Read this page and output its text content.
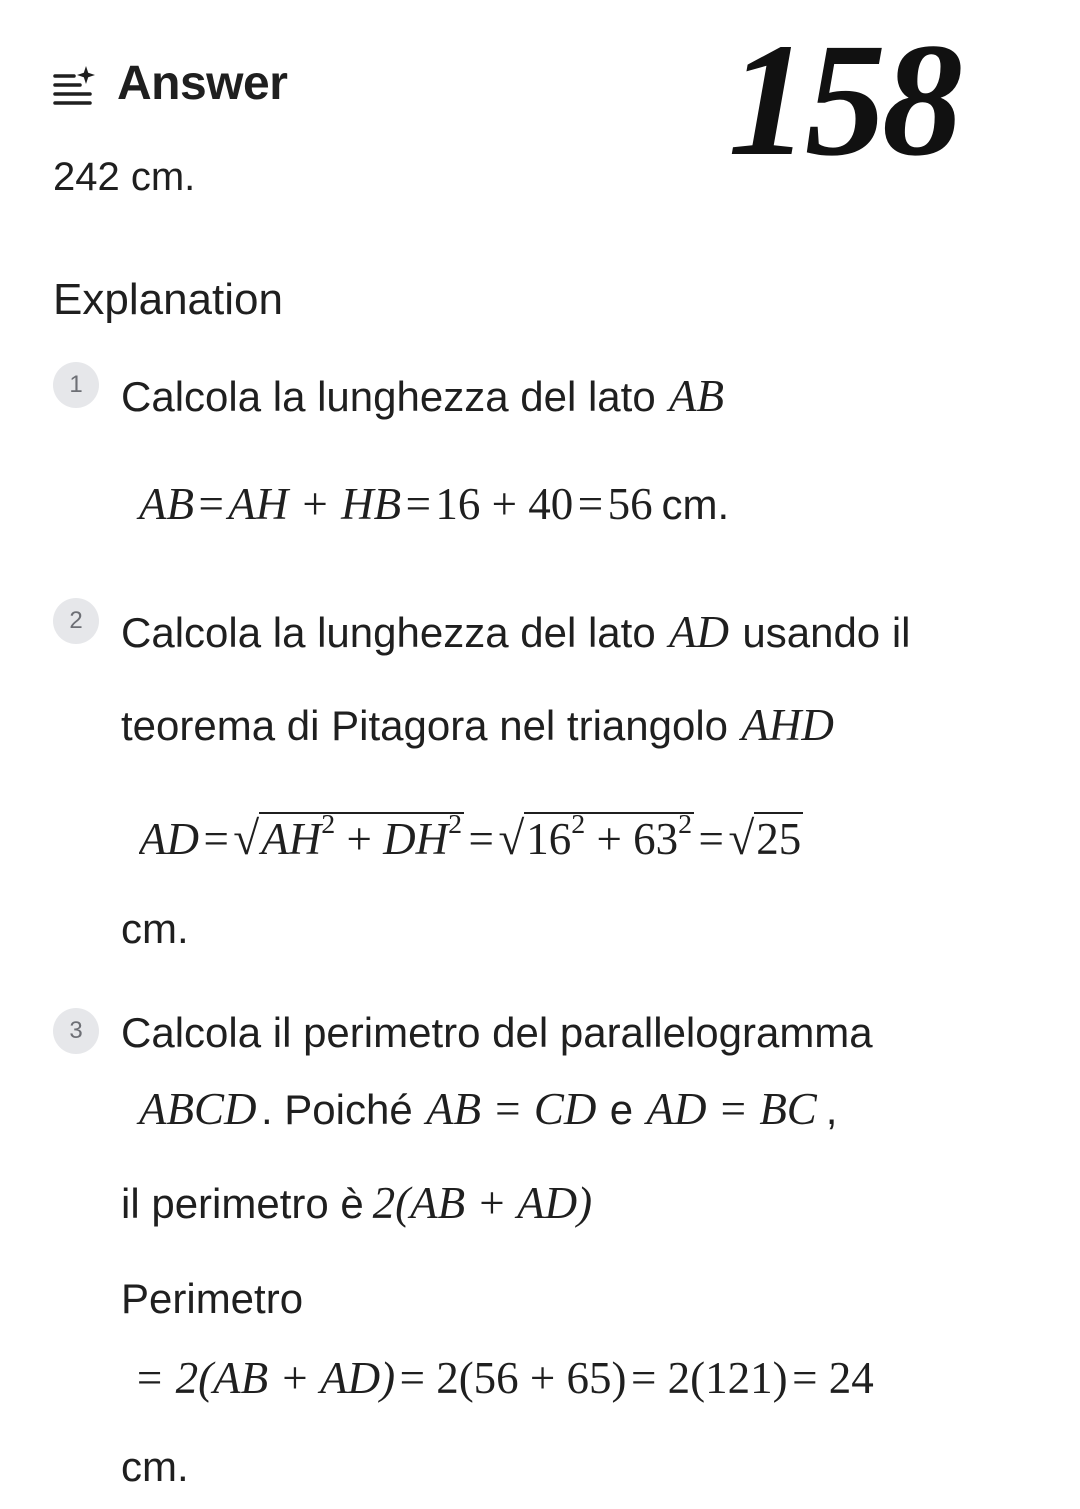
Answer	158
242 cm.
Explanation
1 Calcola la lunghezza del lato AB
AB = AH + HB = 16 + 40 = 56 cm.
2 Calcola la lunghezza del lato AD usando il
teorema di Pitagora nel triangolo AHD
AD = $√AH^2 + DH^2 = √16^2 + 63^2 = √25$
cm.
3 Calcola il perimetro del parallelogramma
ABCD . Poiché AB = CD e AD = BC ,
il perimetro è 2(AB + AD)
Perimetro
= 2(AB + AD) = 2(56 + 65) = 2(121) = 24
cm.
